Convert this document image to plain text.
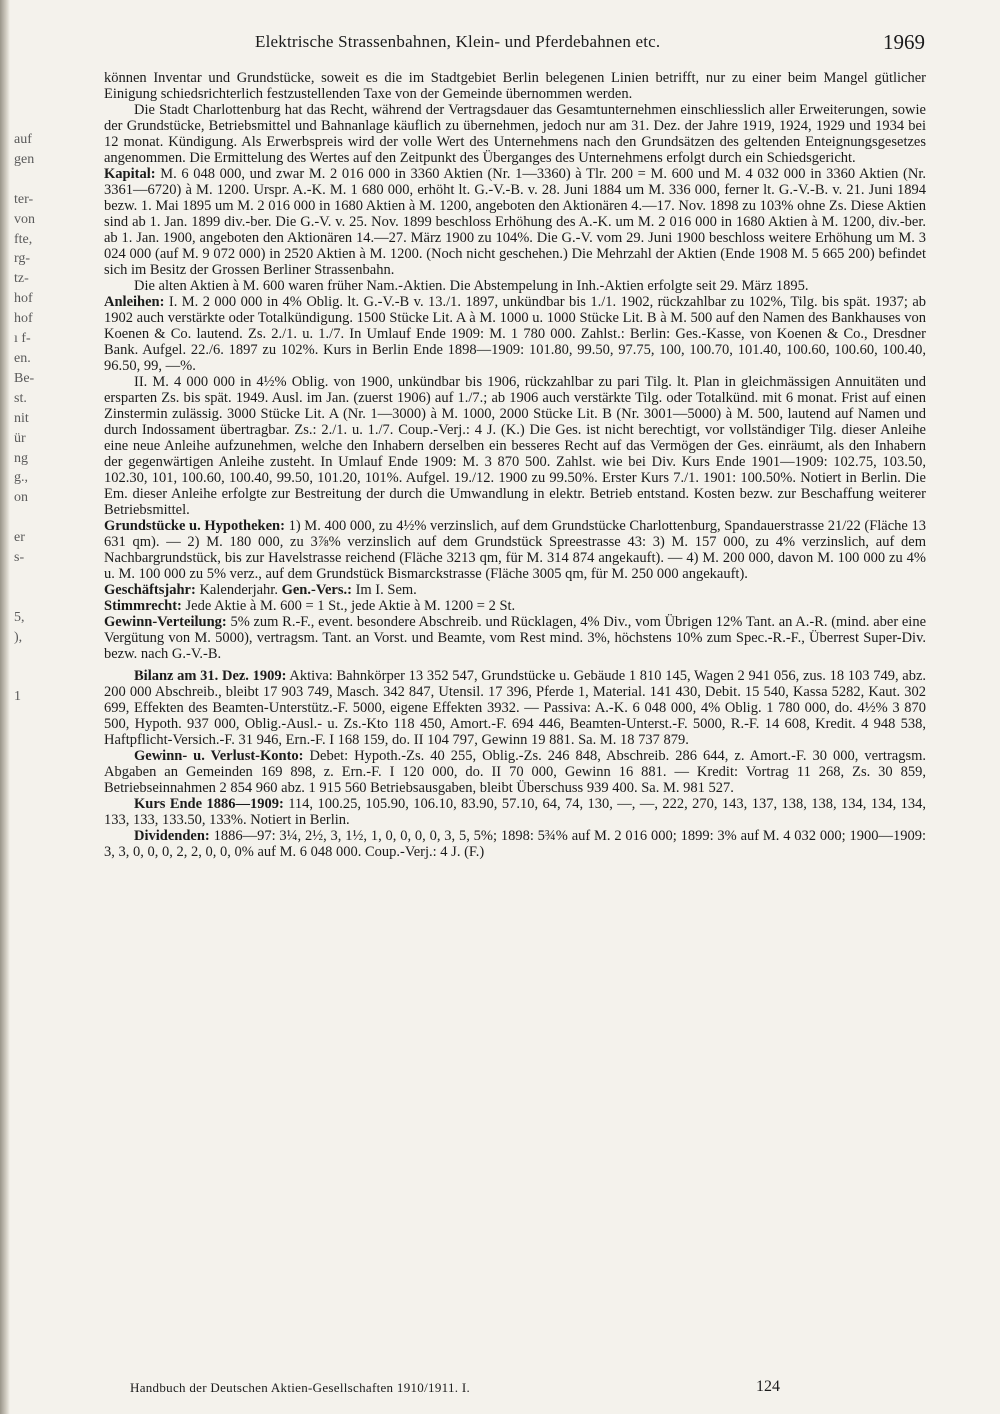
auf
gen

ter-
von
fte,
rg-
tz-
hof
hof
ı f-
en.
Be-
st.
nit
ür
ng
g.,
on

er
s-

5,
),

1
Elektrische Strassenbahnen, Klein- und Pferdebahnen etc.	1969

können Inventar und Grundstücke, soweit es die im Stadtgebiet Berlin belegenen Linien betrifft, nur zu einer beim Mangel gütlicher Einigung schiedsrichterlich festzustellenden Taxe von der Gemeinde übernommen werden.

Die Stadt Charlottenburg hat das Recht, während der Vertragsdauer das Gesamtunternehmen einschliesslich aller Erweiterungen, sowie der Grundstücke, Betriebsmittel und Bahnanlage käuflich zu übernehmen, jedoch nur am 31. Dez. der Jahre 1919, 1924, 1929 und 1934 bei 12 monat. Kündigung. Als Erwerbspreis wird der volle Wert des Unternehmens nach den Grundsätzen des geltenden Enteignungsgesetzes angenommen. Die Ermittelung des Wertes auf den Zeitpunkt des Überganges des Unternehmens erfolgt durch ein Schiedsgericht.

Kapital: M. 6 048 000, und zwar M. 2 016 000 in 3360 Aktien (Nr. 1—3360) à Tlr. 200 = M. 600 und M. 4 032 000 in 3360 Aktien (Nr. 3361—6720) à M. 1200. Urspr. A.-K. M. 1 680 000, erhöht lt. G.-V.-B. v. 28. Juni 1884 um M. 336 000, ferner lt. G.-V.-B. v. 21. Juni 1894 bezw. 1. Mai 1895 um M. 2 016 000 in 1680 Aktien à M. 1200, angeboten den Aktionären 4.—17. Nov. 1898 zu 103% ohne Zs. Diese Aktien sind ab 1. Jan. 1899 div.-ber. Die G.-V. v. 25. Nov. 1899 beschloss Erhöhung des A.-K. um M. 2 016 000 in 1680 Aktien à M. 1200, div.-ber. ab 1. Jan. 1900, angeboten den Aktionären 14.—27. März 1900 zu 104%. Die G.-V. vom 29. Juni 1900 beschloss weitere Erhöhung um M. 3 024 000 (auf M. 9 072 000) in 2520 Aktien à M. 1200. (Noch nicht geschehen.) Die Mehrzahl der Aktien (Ende 1908 M. 5 665 200) befindet sich im Besitz der Grossen Berliner Strassenbahn.

Die alten Aktien à M. 600 waren früher Nam.-Aktien. Die Abstempelung in Inh.-Aktien erfolgte seit 29. März 1895.

Anleihen: I. M. 2 000 000 in 4% Oblig. lt. G.-V.-B v. 13./1. 1897, unkündbar bis 1./1. 1902, rückzahlbar zu 102%, Tilg. bis spät. 1937; ab 1902 auch verstärkte oder Totalkündigung. 1500 Stücke Lit. A à M. 1000 u. 1000 Stücke Lit. B à M. 500 auf den Namen des Bankhauses von Koenen & Co. lautend. Zs. 2./1. u. 1./7. In Umlauf Ende 1909: M. 1 780 000. Zahlst.: Berlin: Ges.-Kasse, von Koenen & Co., Dresdner Bank. Aufgel. 22./6. 1897 zu 102%. Kurs in Berlin Ende 1898—1909: 101.80, 99.50, 97.75, 100, 100.70, 101.40, 100.60, 100.60, 100.40, 96.50, 99, —%.

II. M. 4 000 000 in 4½% Oblig. von 1900, unkündbar bis 1906, rückzahlbar zu pari Tilg. lt. Plan in gleichmässigen Annuitäten und ersparten Zs. bis spät. 1949. Ausl. im Jan. (zuerst 1906) auf 1./7.; ab 1906 auch verstärkte Tilg. oder Totalkünd. mit 6 monat. Frist auf einen Zinstermin zulässig. 3000 Stücke Lit. A (Nr. 1—3000) à M. 1000, 2000 Stücke Lit. B (Nr. 3001—5000) à M. 500, lautend auf Namen und durch Indossament übertragbar. Zs.: 2./1. u. 1./7. Coup.-Verj.: 4 J. (K.) Die Ges. ist nicht berechtigt, vor vollständiger Tilg. dieser Anleihe eine neue Anleihe aufzunehmen, welche den Inhabern derselben ein besseres Recht auf das Vermögen der Ges. einräumt, als den Inhabern der gegenwärtigen Anleihe zusteht. In Umlauf Ende 1909: M. 3 870 500. Zahlst. wie bei Div. Kurs Ende 1901—1909: 102.75, 103.50, 102.30, 101, 100.60, 100.40, 99.50, 101.20, 101%. Aufgel. 19./12. 1900 zu 99.50%. Erster Kurs 7./1. 1901: 100.50%. Notiert in Berlin. Die Em. dieser Anleihe erfolgte zur Bestreitung der durch die Umwandlung in elektr. Betrieb entstand. Kosten bezw. zur Beschaffung weiterer Betriebsmittel.

Grundstücke u. Hypotheken: 1) M. 400 000, zu 4½% verzinslich, auf dem Grundstücke Charlottenburg, Spandauerstrasse 21/22 (Fläche 13 631 qm). — 2) M. 180 000, zu 3⅞% verzinslich auf dem Grundstück Spreestrasse 43: 3) M. 157 000, zu 4% verzinslich, auf dem Nachbargrundstück, bis zur Havelstrasse reichend (Fläche 3213 qm, für M. 314 874 angekauft). — 4) M. 200 000, davon M. 100 000 zu 4% u. M. 100 000 zu 5% verz., auf dem Grundstück Bismarckstrasse (Fläche 3005 qm, für M. 250 000 angekauft).

Geschäftsjahr: Kalenderjahr. Gen.-Vers.: Im I. Sem.

Stimmrecht: Jede Aktie à M. 600 = 1 St., jede Aktie à M. 1200 = 2 St.

Gewinn-Verteilung: 5% zum R.-F., event. besondere Abschreib. und Rücklagen, 4% Div., vom Übrigen 12% Tant. an A.-R. (mind. aber eine Vergütung von M. 5000), vertragsm. Tant. an Vorst. und Beamte, vom Rest mind. 3%, höchstens 10% zum Spec.-R.-F., Überrest Super-Div. bezw. nach G.-V.-B.

Bilanz am 31. Dez. 1909: Aktiva: Bahnkörper 13 352 547, Grundstücke u. Gebäude 1 810 145, Wagen 2 941 056, zus. 18 103 749, abz. 200 000 Abschreib., bleibt 17 903 749, Masch. 342 847, Utensil. 17 396, Pferde 1, Material. 141 430, Debit. 15 540, Kassa 5282, Kaut. 302 699, Effekten des Beamten-Unterstütz.-F. 5000, eigene Effekten 3932. — Passiva: A.-K. 6 048 000, 4% Oblig. 1 780 000, do. 4½% 3 870 500, Hypoth. 937 000, Oblig.-Ausl.- u. Zs.-Kto 118 450, Amort.-F. 694 446, Beamten-Unterst.-F. 5000, R.-F. 14 608, Kredit. 4 948 538, Haftpflicht-Versich.-F. 31 946, Ern.-F. I 168 159, do. II 104 797, Gewinn 19 881. Sa. M. 18 737 879.

Gewinn- u. Verlust-Konto: Debet: Hypoth.-Zs. 40 255, Oblig.-Zs. 246 848, Abschreib. 286 644, z. Amort.-F. 30 000, vertragsm. Abgaben an Gemeinden 169 898, z. Ern.-F. I 120 000, do. II 70 000, Gewinn 16 881. — Kredit: Vortrag 11 268, Zs. 30 859, Betriebseinnahmen 2 854 960 abz. 1 915 560 Betriebsausgaben, bleibt Überschuss 939 400. Sa. M. 981 527.

Kurs Ende 1886—1909: 114, 100.25, 105.90, 106.10, 83.90, 57.10, 64, 74, 130, —, —, 222, 270, 143, 137, 138, 138, 134, 134, 134, 133, 133, 133.50, 133%. Notiert in Berlin.

Dividenden: 1886—97: 3¼, 2½, 3, 1½, 1, 0, 0, 0, 0, 3, 5, 5%; 1898: 5¾% auf M. 2 016 000; 1899: 3% auf M. 4 032 000; 1900—1909: 3, 3, 0, 0, 0, 2, 2, 0, 0, 0% auf M. 6 048 000. Coup.-Verj.: 4 J. (F.)

Handbuch der Deutschen Aktien-Gesellschaften 1910/1911. I.	124
